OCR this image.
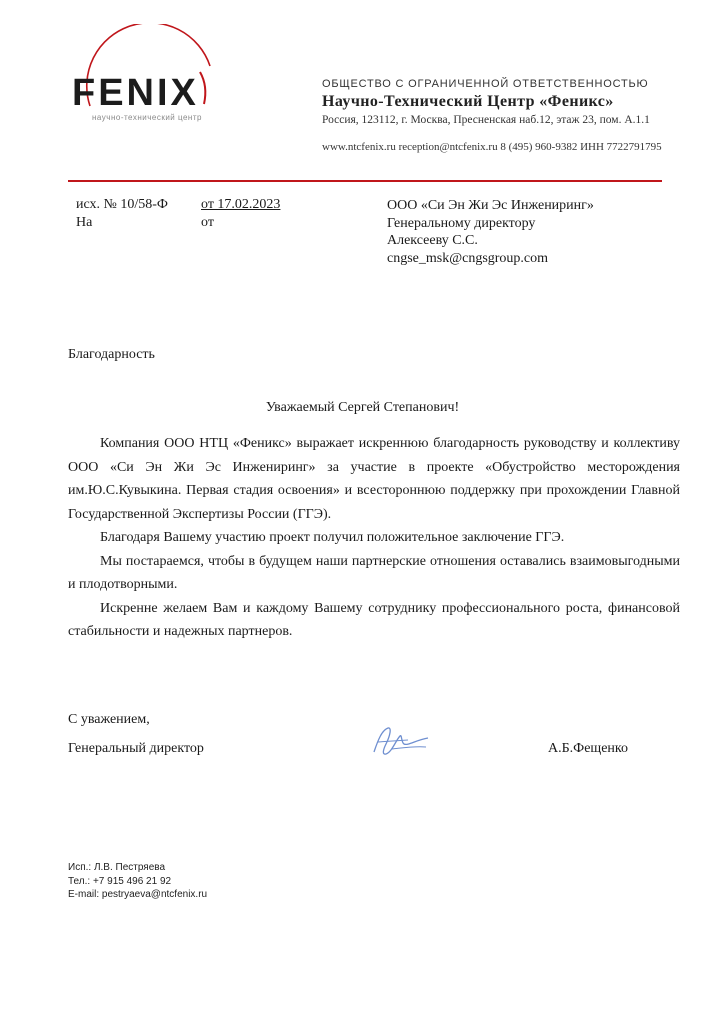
FENIX
научно-технический центр
ОБЩЕСТВО С ОГРАНИЧЕННОЙ ОТВЕТСТВЕННОСТЬЮ
Научно-Технический Центр «Феникс»
Россия, 123112, г. Москва, Пресненская наб.12, этаж 23, пом. А.1.1
www.ntcfenix.ru reception@ntcfenix.ru 8 (495) 960-9382 ИНН 7722791795
исх. № 10/58-Ф от 17.02.2023
На	от
ООО «Си Эн Жи Эс Инжениринг»
Генеральному директору
Алексееву С.С.
cngse_msk@cngsgroup.com
Благодарность
Уважаемый Сергей Степанович!

Компания ООО НТЦ «Феникс» выражает искреннюю благодарность руководству и коллективу ООО «Си Эн Жи Эс Инжениринг» за участие в проекте «Обустройство месторождения им.Ю.С.Кувыкина. Первая стадия освоения» и всестороннюю поддержку при прохождении Главной Государственной Экспертизы России (ГГЭ).

Благодаря Вашему участию проект получил положительное заключение ГГЭ.

Мы постараемся, чтобы в будущем наши партнерские отношения оставались взаимовыгодными и плодотворными.

Искренне желаем Вам и каждому Вашему сотруднику профессионального роста, финансовой стабильности и надежных партнеров.

С уважением,
Генеральный директор	А.Б.Фещенко
Исп.: Л.В. Пестряева
Тел.: +7 915 496 21 92
E-mail: pestryaeva@ntcfenix.ru
